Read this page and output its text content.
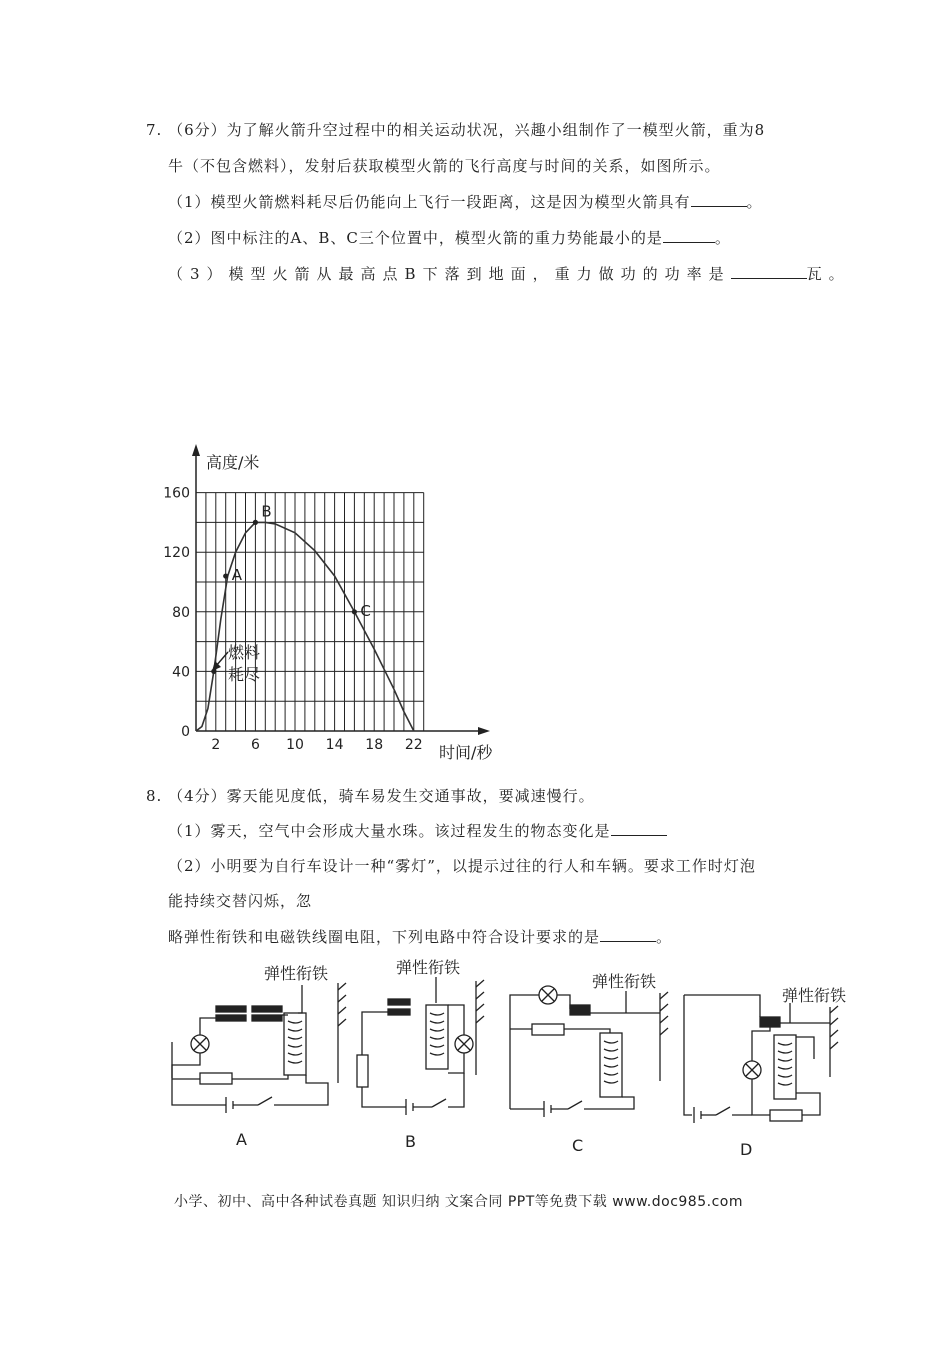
7. （6分）为了解火箭升空过程中的相关运动状况，兴趣小组制作了一模型火箭，重为8
牛（不包含燃料），发射后获取模型火箭的飞行高度与时间的关系，如图所示。
（1）模型火箭燃料耗尽后仍能向上飞行一段距离，这是因为模型火箭具有	。
（2）图中标注的A、B、C三个位置中，模型火箭的重力势能最小的是	。
（3）模型火箭从最高点B下落到地面，重力做功的功率是	瓦。
2 6 10 14 18 22
0
40
80
120
160
A
B
C
高度/米
时间/秒
燃料
耗尽
8. （4分）雾天能见度低，骑车易发生交通事故，要减速慢行。
（1）雾天，空气中会形成大量水珠。该过程发生的物态变化是
（2）小明要为自行车设计一种“雾灯”，以提示过往的行人和车辆。要求工作时灯泡
能持续交替闪烁，忽
略弹性衔铁和电磁铁线圈电阻，下列电路中符合设计要求的是	。
弹性衔铁
A
弹性衔铁
B
弹性衔铁
C
弹性衔铁
D
小学、初中、高中各种试卷真题 知识归纳 文案合同 PPT等免费下载 www.doc985.com
